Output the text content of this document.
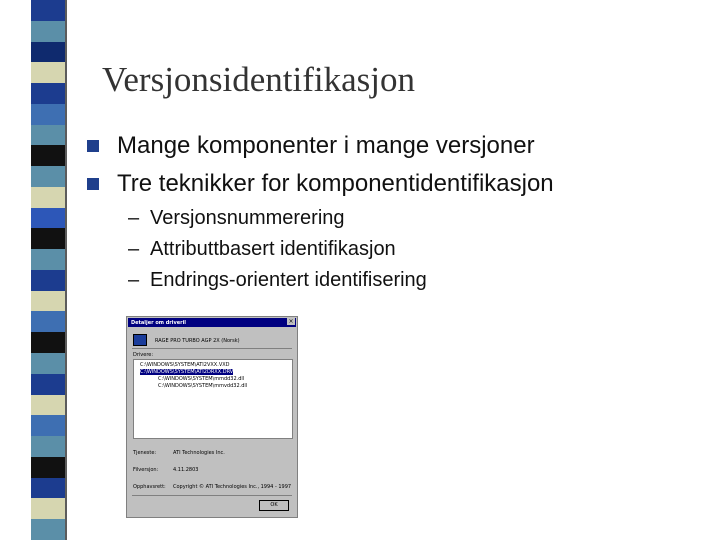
Versjonsidentifikasjon
Mange komponenter i mange versjoner
Tre teknikker for komponentidentifikasjon
– Versjonsnummerering
– Attributtbasert identifikasjon
– Endrings-orientert identifisering
Detaljer om driveril	×
RAGE PRO TURBO AGP 2X (Norsk)
Drivere:
C:\WINDOWS\SYSTEM\ATI2VXX.VXD
C:\WINDOWS\SYSTEM\ATI2DRXX.DRV
C:\WINDOWS\SYSTEM\mmdd32.dll
C:\WINDOWS\SYSTEM\mmvdd32.dll
Tjeneste:	ATI Technologies Inc.
Filversjon:	4.11.2803
Opphavsrett: Copyright © ATI Technologies Inc., 1994 - 1997
OK
